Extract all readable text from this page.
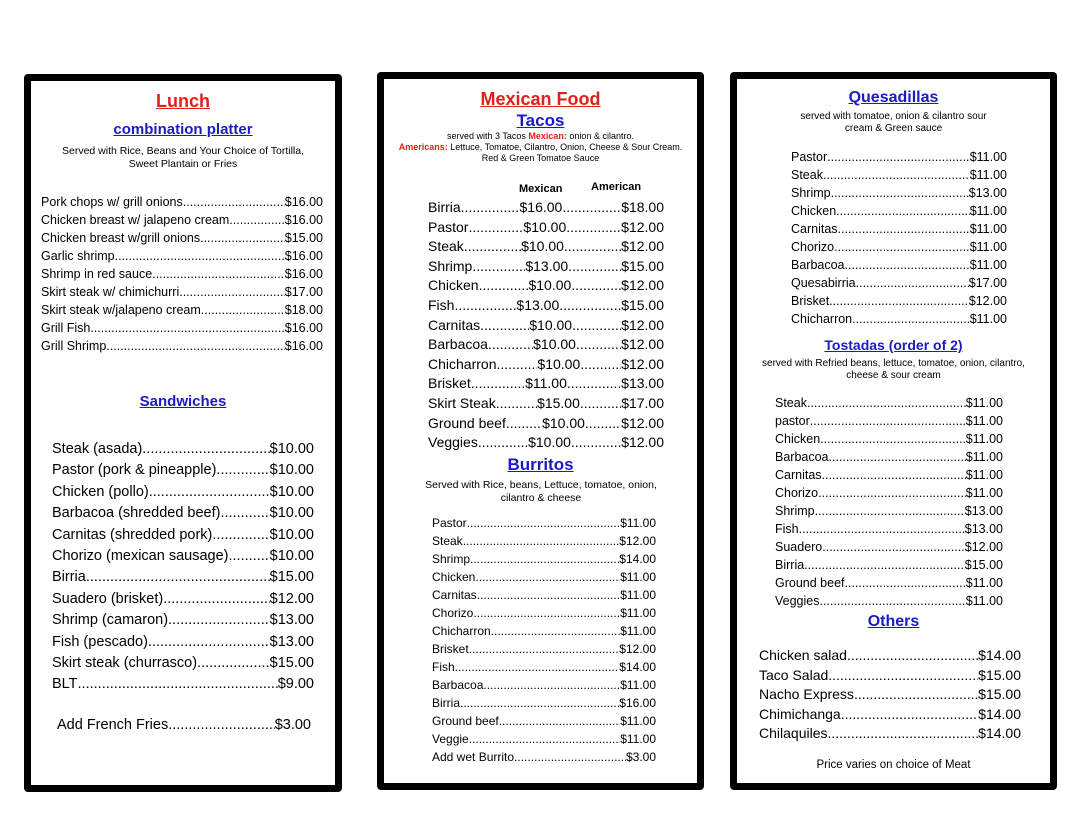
Lunch
combination platter
Served with Rice, Beans and Your Choice of Tortilla, Sweet Plantain or Fries
Pork chops w/ grill onions .....	$16.00
Chicken breast w/ jalapeno cream .....	$16.00
Chicken breast w/grill onions .....	$15.00
Garlic shrimp .....	$16.00
Shrimp in red sauce .....	$16.00
Skirt steak w/ chimichurri .....	$17.00
Skirt steak w/jalapeno cream .....	$18.00
Grill Fish .....	$16.00
Grill Shrimp .....	$16.00
Sandwiches
Steak (asada) .....	$10.00
Pastor (pork & pineapple) .....	$10.00
Chicken (pollo) .....	$10.00
Barbacoa (shredded beef) .....	$10.00
Carnitas (shredded pork) .....	$10.00
Chorizo (mexican sausage) .....	$10.00
Birria .....	$15.00
Suadero (brisket) .....	$12.00
Shrimp (camaron) .....	$13.00
Fish (pescado) .....	$13.00
Skirt steak (churrasco) .....	$15.00
BLT .....	$9.00
Add French Fries .....	$3.00
Mexican Food
Tacos
served with 3 Tacos Mexican: onion & cilantro.
Americans: Lettuce, Tomatoe, Cilantro, Onion, Cheese & Sour Cream.
Red & Green Tomatoe Sauce
Mexican	American
Birria .....	$16.00 .....	$18.00
Pastor .....	$10.00 .....	$12.00
Steak .....	$10.00 .....	$12.00
Shrimp .....	$13.00 .....	$15.00
Chicken .....	$10.00 .....	$12.00
Fish .....	$13.00 .....	$15.00
Carnitas .....	$10.00 .....	$12.00
Barbacoa .....	$10.00 .....	$12.00
Chicharron .....	$10.00 .....	$12.00
Brisket .....	$11.00 .....	$13.00
Skirt Steak .....	$15.00 .....	$17.00
Ground beef .....	$10.00 .....	$12.00
Veggies .....	$10.00 .....	$12.00
Burritos
Served with Rice, beans, Lettuce, tomatoe, onion, cilantro & cheese
Pastor .....	$11.00
Steak .....	$12.00
Shrimp .....	$14.00
Chicken .....	$11.00
Carnitas .....	$11.00
Chorizo .....	$11.00
Chicharron .....	$11.00
Brisket .....	$12.00
Fish .....	$14.00
Barbacoa .....	$11.00
Birria .....	$16.00
Ground beef .....	$11.00
Veggie .....	$11.00
Add wet Burrito .....	$3.00
Quesadillas
served with tomatoe, onion & cilantro sour cream & Green sauce
Pastor .....	$11.00
Steak .....	$11.00
Shrimp .....	$13.00
Chicken .....	$11.00
Carnitas .....	$11.00
Chorizo .....	$11.00
Barbacoa .....	$11.00
Quesabirria .....	$17.00
Brisket .....	$12.00
Chicharron .....	$11.00
Tostadas (order of 2)
served with Refried beans, lettuce, tomatoe, onion, cilantro, cheese & sour cream
Steak .....	$11.00
pastor .....	$11.00
Chicken .....	$11.00
Barbacoa .....	$11.00
Carnitas .....	$11.00
Chorizo .....	$11.00
Shrimp .....	$13.00
Fish .....	$13.00
Suadero .....	$12.00
Birria .....	$15.00
Ground beef .....	$11.00
Veggies .....	$11.00
Others
Chicken salad .....	$14.00
Taco Salad .....	$15.00
Nacho Express .....	$15.00
Chimichanga .....	$14.00
Chilaquiles .....	$14.00
Price varies on choice of Meat
